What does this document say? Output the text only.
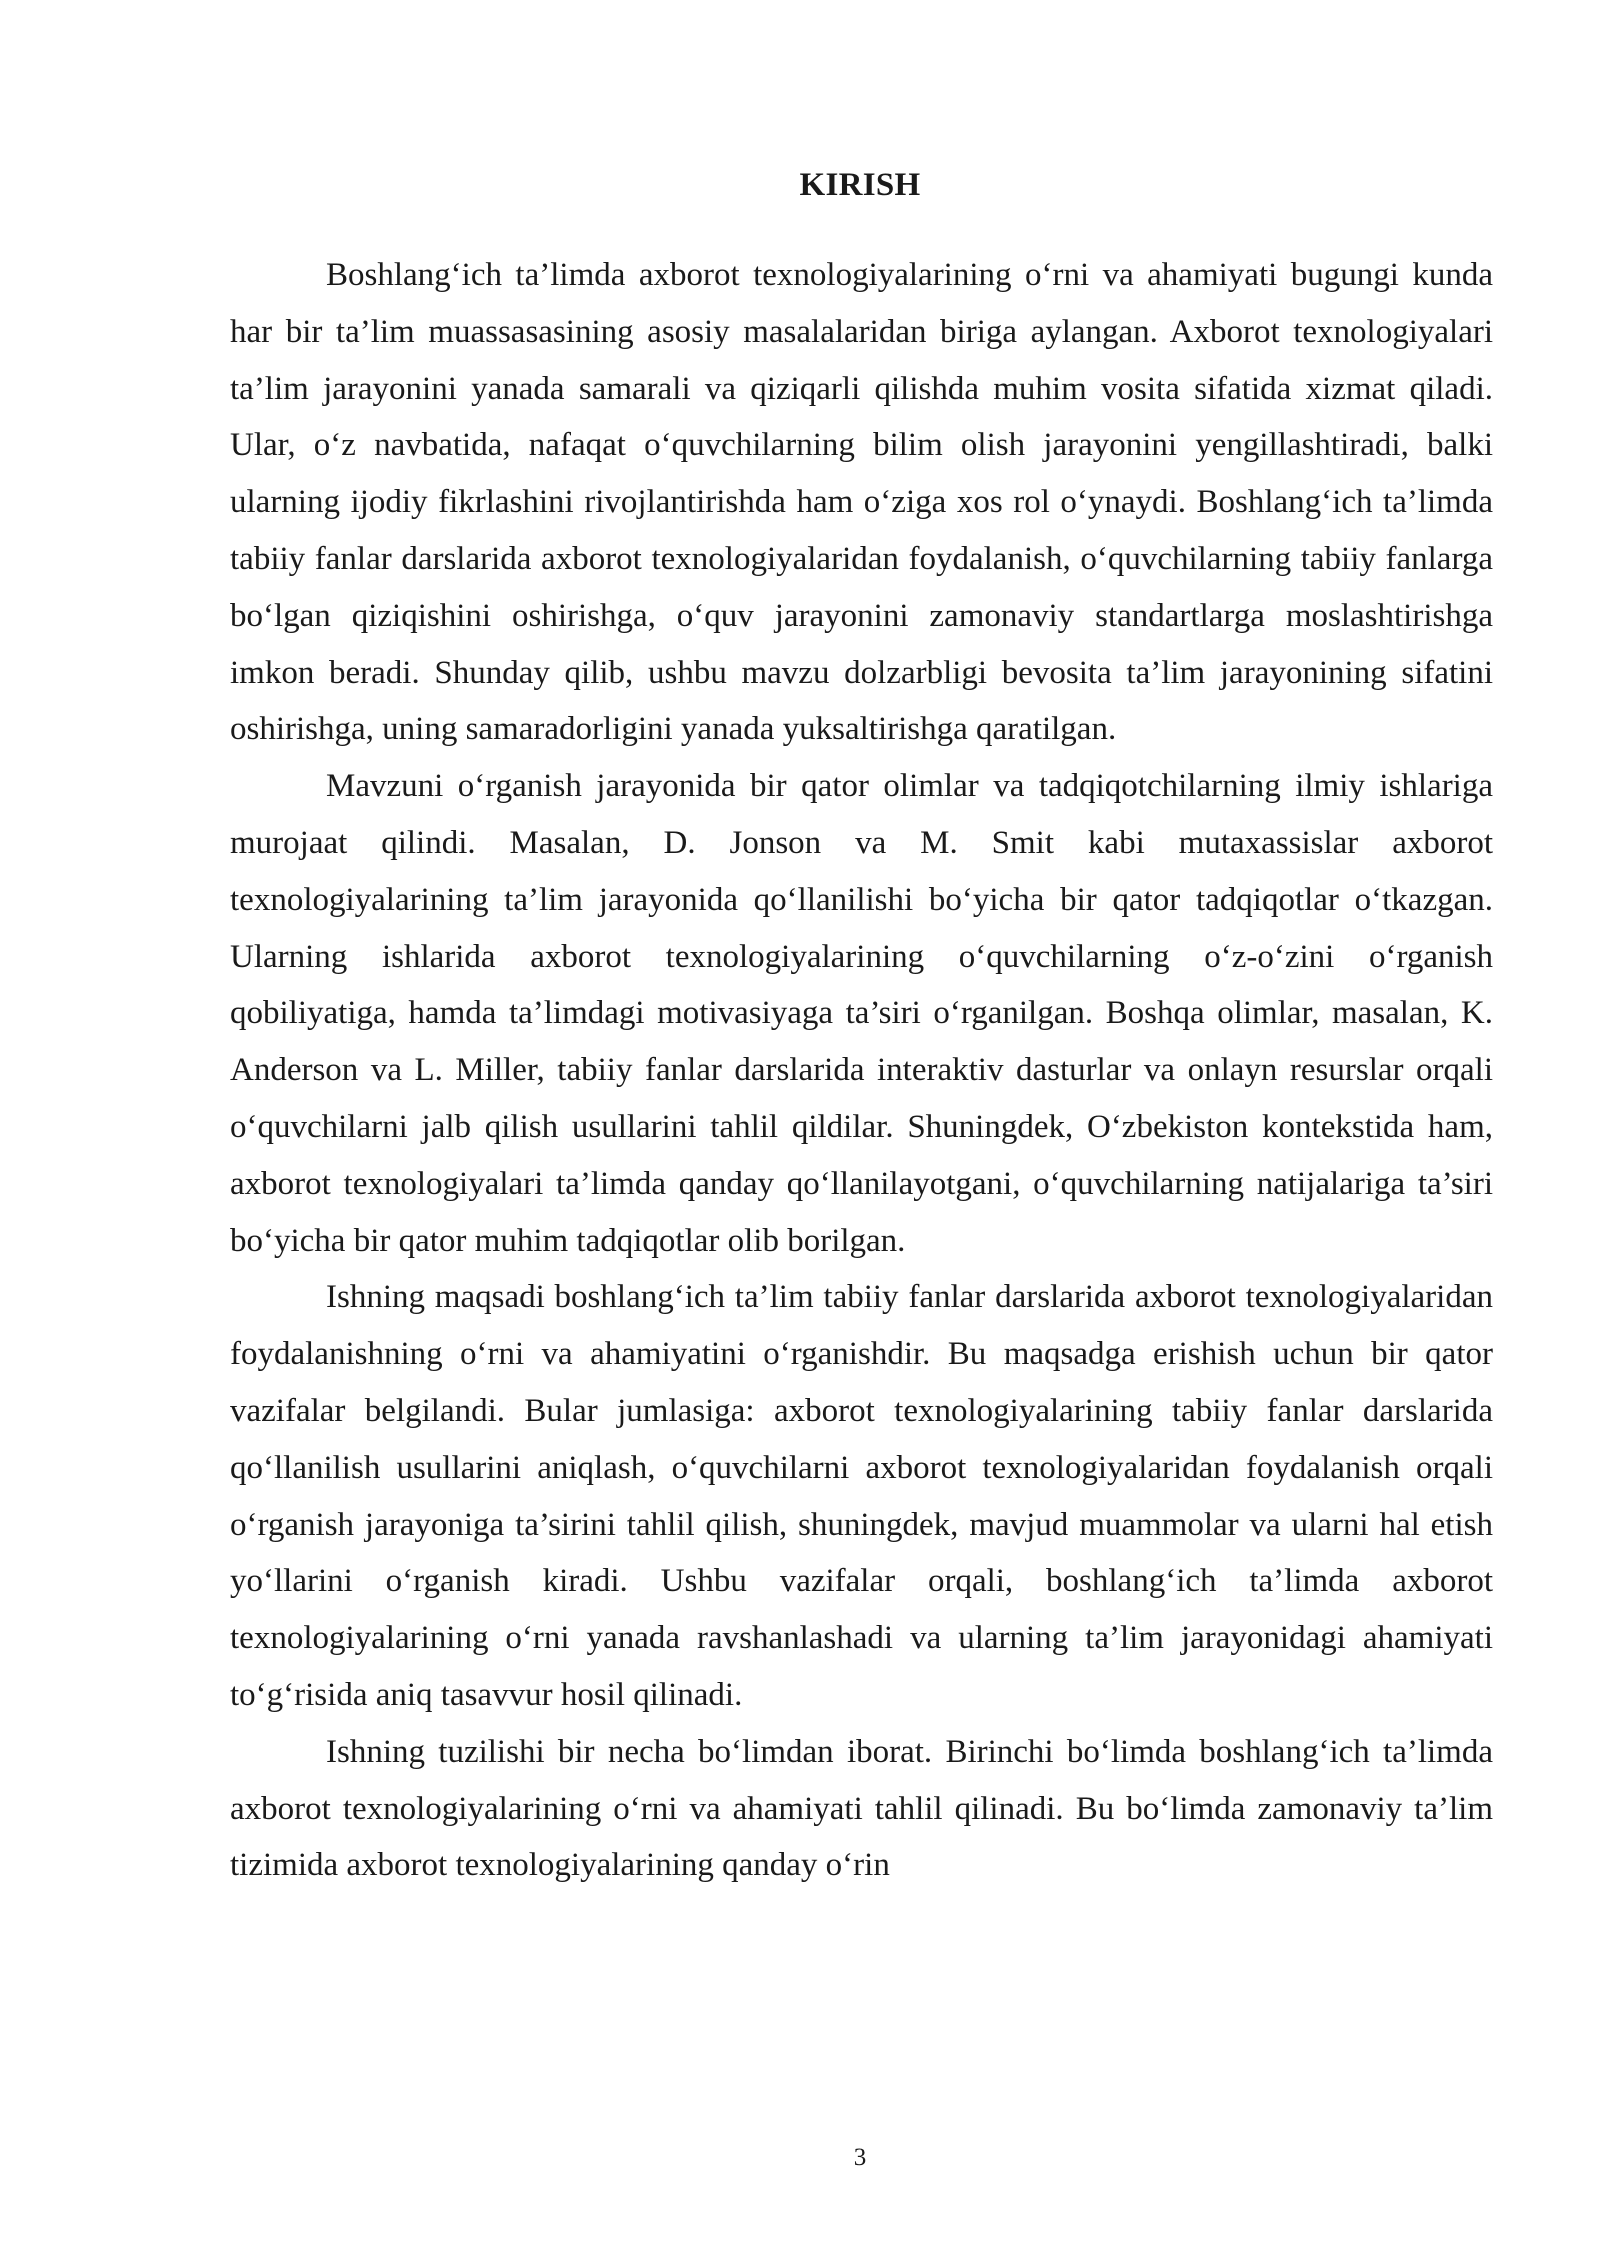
KIRISH

Boshlang‘ich ta’limda axborot texnologiyalarining o‘rni va ahamiyati bugungi kunda har bir ta’lim muassasasining asosiy masalalaridan biriga aylangan. Axborot texnologiyalari ta’lim jarayonini yanada samarali va qiziqarli qilishda muhim vosita sifatida xizmat qiladi. Ular, o‘z navbatida, nafaqat o‘quvchilarning bilim olish jarayonini yengillashtiradi, balki ularning ijodiy fikrlashini rivojlantirishda ham o‘ziga xos rol o‘ynaydi. Boshlang‘ich ta’limda tabiiy fanlar darslarida axborot texnologiyalaridan foydalanish, o‘quvchilarning tabiiy fanlarga bo‘lgan qiziqishini oshirishga, o‘quv jarayonini zamonaviy standartlarga moslashtirishga imkon beradi. Shunday qilib, ushbu mavzu dolzarbligi bevosita ta’lim jarayonining sifatini oshirishga, uning samaradorligini yanada yuksaltirishga qaratilgan.

Mavzuni o‘rganish jarayonida bir qator olimlar va tadqiqotchilarning ilmiy ishlariga murojaat qilindi. Masalan, D. Jonson va M. Smit kabi mutaxassislar axborot texnologiyalarining ta’lim jarayonida qo‘llanilishi bo‘yicha bir qator tadqiqotlar o‘tkazgan. Ularning ishlarida axborot texnologiyalarining o‘quvchilarning o‘z-o‘zini o‘rganish qobiliyatiga, hamda ta’limdagi motivasiyaga ta’siri o‘rganilgan. Boshqa olimlar, masalan, K. Anderson va L. Miller, tabiiy fanlar darslarida interaktiv dasturlar va onlayn resurslar orqali o‘quvchilarni jalb qilish usullarini tahlil qildilar. Shuningdek, O‘zbekiston kontekstida ham, axborot texnologiyalari ta’limda qanday qo‘llanilayotgani, o‘quvchilarning natijalariga ta’siri bo‘yicha bir qator muhim tadqiqotlar olib borilgan.

Ishning maqsadi boshlang‘ich ta’lim tabiiy fanlar darslarida axborot texnologiyalaridan foydalanishning o‘rni va ahamiyatini o‘rganishdir. Bu maqsadga erishish uchun bir qator vazifalar belgilandi. Bular jumlasiga: axborot texnologiyalarining tabiiy fanlar darslarida qo‘llanilish usullarini aniqlash, o‘quvchilarni axborot texnologiyalaridan foydalanish orqali o‘rganish jarayoniga ta’sirini tahlil qilish, shuningdek, mavjud muammolar va ularni hal etish yo‘llarini o‘rganish kiradi. Ushbu vazifalar orqali, boshlang‘ich ta’limda axborot texnologiyalarining o‘rni yanada ravshanlashadi va ularning ta’lim jarayonidagi ahamiyati to‘g‘risida aniq tasavvur hosil qilinadi.

Ishning tuzilishi bir necha bo‘limdan iborat. Birinchi bo‘limda boshlang‘ich ta’limda axborot texnologiyalarining o‘rni va ahamiyati tahlil qilinadi. Bu bo‘limda zamonaviy ta’lim tizimida axborot texnologiyalarining qanday o‘rin

3
